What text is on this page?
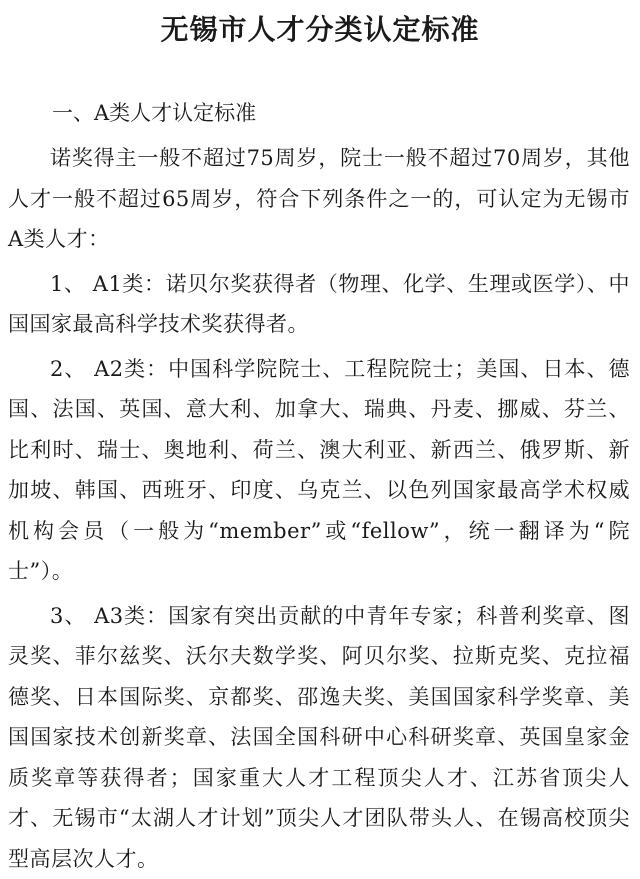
无锡市人才分类认定标准
一、A类人才认定标准

诺奖得主一般不超过75周岁，院士一般不超过70周岁，其他人才一般不超过65周岁，符合下列条件之一的，可认定为无锡市A类人才：

1、 A1类：诺贝尔奖获得者（物理、化学、生理或医学）、中国国家最高科学技术奖获得者。

2、 A2类：中国科学院院士、工程院院士；美国、日本、德国、法国、英国、意大利、加拿大、瑞典、丹麦、挪威、芬兰、比利时、瑞士、奥地利、荷兰、澳大利亚、新西兰、俄罗斯、新加坡、韩国、西班牙、印度、乌克兰、以色列国家最高学术权威机构会员（一般为“member”或“fellow”，统一翻译为“院士”）。

3、 A3类：国家有突出贡献的中青年专家；科普利奖章、图灵奖、菲尔兹奖、沃尔夫数学奖、阿贝尔奖、拉斯克奖、克拉福德奖、日本国际奖、京都奖、邵逸夫奖、美国国家科学奖章、美国国家技术创新奖章、法国全国科研中心科研奖章、英国皇家金质奖章等获得者；国家重大人才工程顶尖人才、江苏省顶尖人才、无锡市“太湖人才计划”顶尖人才团队带头人、在锡高校顶尖型高层次人才。
